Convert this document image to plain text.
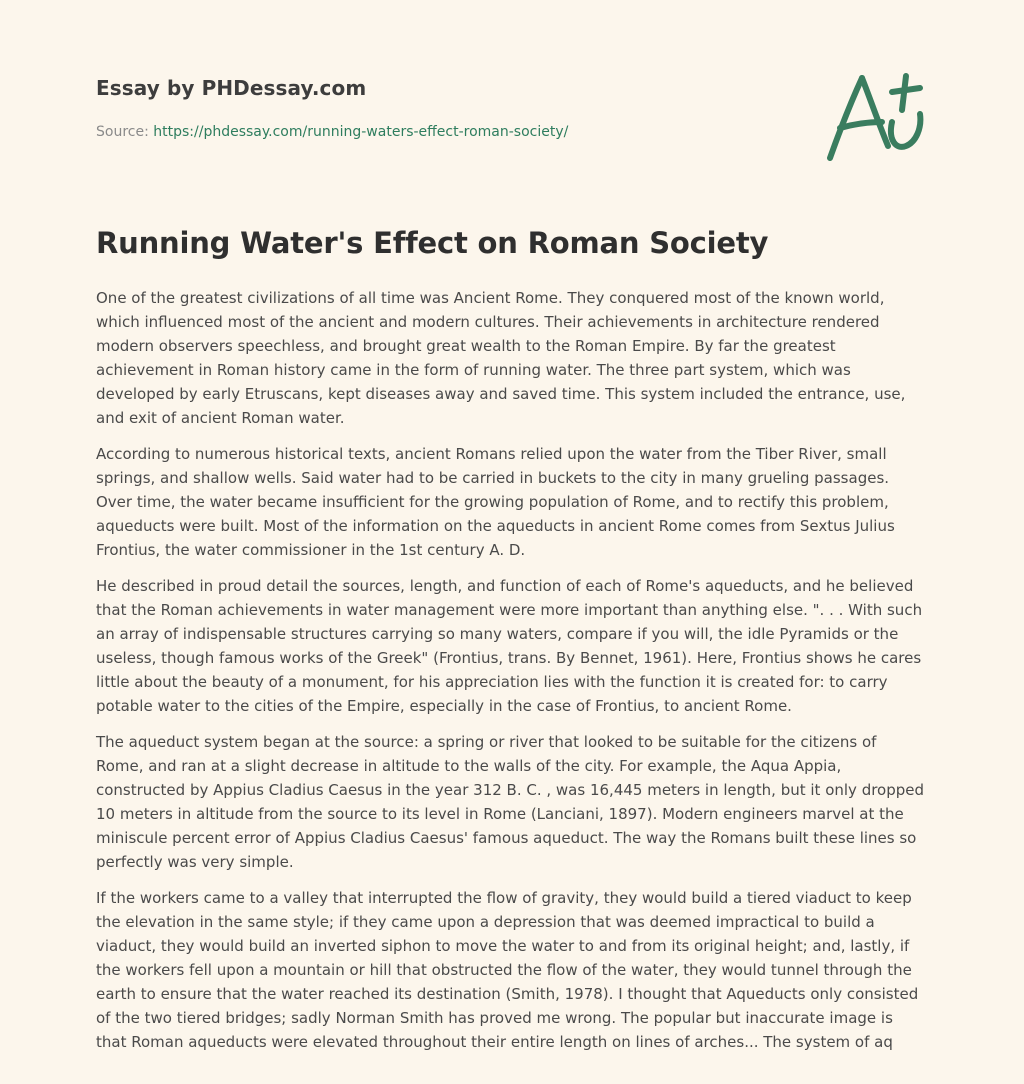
Essay by PHDessay.com
Source: https://phdessay.com/running-waters-effect-roman-society/
Running Water's Effect on Roman Society

One of the greatest civilizations of all time was Ancient Rome. They conquered most of the known world, which influenced most of the ancient and modern cultures. Their achievements in architecture rendered modern observers speechless, and brought great wealth to the Roman Empire. By far the greatest achievement in Roman history came in the form of running water. The three part system, which was developed by early Etruscans, kept diseases away and saved time. This system included the entrance, use, and exit of ancient Roman water.

According to numerous historical texts, ancient Romans relied upon the water from the Tiber River, small springs, and shallow wells. Said water had to be carried in buckets to the city in many grueling passages. Over time, the water became insufficient for the growing population of Rome, and to rectify this problem, aqueducts were built. Most of the information on the aqueducts in ancient Rome comes from Sextus Julius Frontius, the water commissioner in the 1st century A. D.

He described in proud detail the sources, length, and function of each of Rome's aqueducts, and he believed that the Roman achievements in water management were more important than anything else. ". . . With such an array of indispensable structures carrying so many waters, compare if you will, the idle Pyramids or the useless, though famous works of the Greek" (Frontius, trans. By Bennet, 1961). Here, Frontius shows he cares little about the beauty of a monument, for his appreciation lies with the function it is created for: to carry potable water to the cities of the Empire, especially in the case of Frontius, to ancient Rome.

The aqueduct system began at the source: a spring or river that looked to be suitable for the citizens of Rome, and ran at a slight decrease in altitude to the walls of the city. For example, the Aqua Appia, constructed by Appius Cladius Caesus in the year 312 B. C. , was 16,445 meters in length, but it only dropped 10 meters in altitude from the source to its level in Rome (Lanciani, 1897). Modern engineers marvel at the miniscule percent error of Appius Cladius Caesus' famous aqueduct. The way the Romans built these lines so perfectly was very simple.

If the workers came to a valley that interrupted the flow of gravity, they would build a tiered viaduct to keep the elevation in the same style; if they came upon a depression that was deemed impractical to build a viaduct, they would build an inverted siphon to move the water to and from its original height; and, lastly, if the workers fell upon a mountain or hill that obstructed the flow of the water, they would tunnel through the earth to ensure that the water reached its destination (Smith, 1978). I thought that Aqueducts only consisted of the two tiered bridges; sadly Norman Smith has proved me wrong. The popular but inaccurate image is that Roman aqueducts were elevated throughout their entire length on lines of arches... The system of aq
